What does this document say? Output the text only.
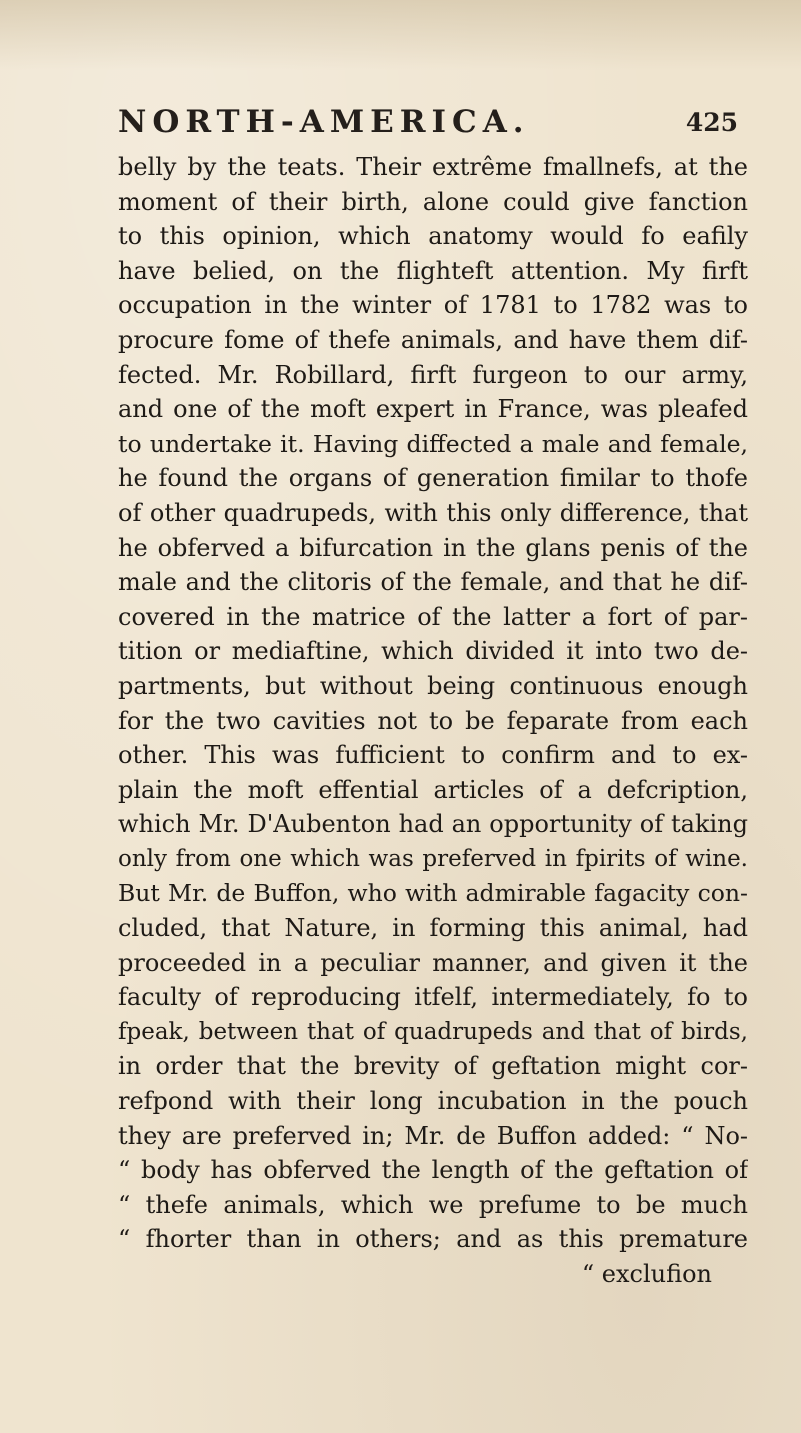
NORTH-AMERICA.	425
belly by the teats. Their extrême fmallnefs, at the
moment of their birth, alone could give fanction
to this opinion, which anatomy would fo eafily
have belied, on the flighteft attention. My firft
occupation in the winter of 1781 to 1782 was to
procure fome of thefe animals, and have them dif-
fected. Mr. Robillard, firft furgeon to our army,
and one of the moft expert in France, was pleafed
to undertake it. Having diffected a male and female,
he found the organs of generation fimilar to thofe
of other quadrupeds, with this only difference, that
he obferved a bifurcation in the glans penis of the
male and the clitoris of the female, and that he dif-
covered in the matrice of the latter a fort of par-
tition or mediaftine, which divided it into two de-
partments, but without being continuous enough
for the two cavities not to be feparate from each
other. This was fufficient to confirm and to ex-
plain the moft effential articles of a defcription,
which Mr. D'Aubenton had an opportunity of taking
only from one which was preferved in fpirits of wine.
But Mr. de Buffon, who with admirable fagacity con-
cluded, that Nature, in forming this animal, had
proceeded in a peculiar manner, and given it the
faculty of reproducing itfelf, intermediately, fo to
fpeak, between that of quadrupeds and that of birds,
in order that the brevity of geftation might cor-
refpond with their long incubation in the pouch
they are preferved in; Mr. de Buffon added: “ No-
“ body has obferved the length of the geftation of
“ thefe animals, which we prefume to be much
“ fhorter than in others; and as this premature
“ exclufion
